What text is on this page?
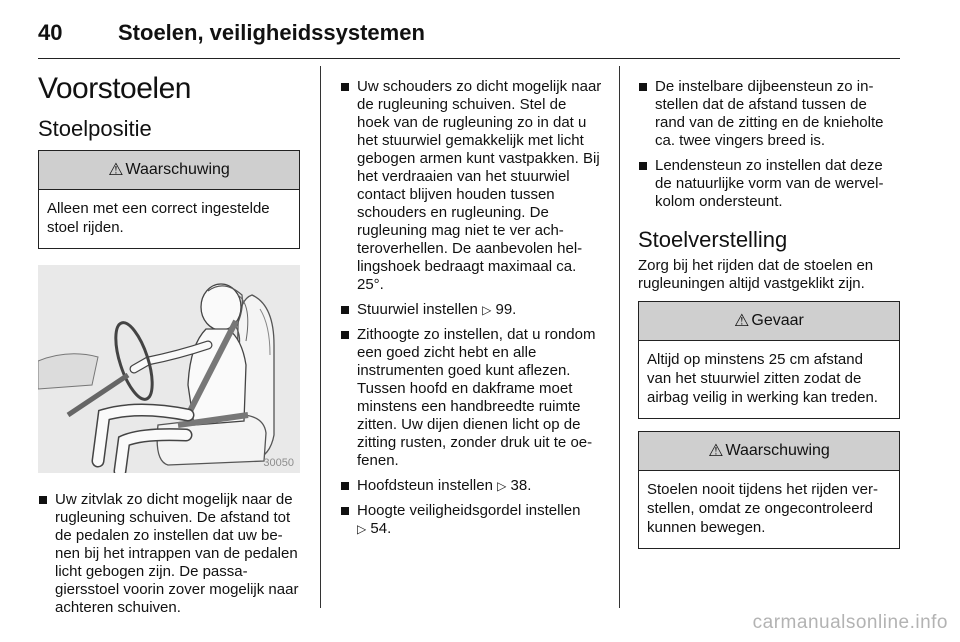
40	Stoelen, veiligheidssystemen
Voorstoelen
Stoelpositie
⚠ Waarschuwing
Alleen met een correct ingestelde stoel rijden.
30050
Uw zitvlak zo dicht mogelijk naar de rugleuning schuiven. De afstand tot de pedalen zo instellen dat uw benen bij het intrappen van de pedalen licht gebogen zijn. De passagiersstoel voorin zover mogelijk naar achteren schuiven.
Uw schouders zo dicht mogelijk naar de rugleuning schuiven. Stel de hoek van de rugleuning zo in dat u het stuurwiel gemakkelijk met licht gebogen armen kunt vastpakken. Bij het verdraaien van het stuurwiel contact blijven houden tussen schouders en rugleuning. De rugleuning mag niet te ver achteroverhellen. De aanbevolen hellingshoek bedraagt maximaal ca. 25°.
Stuurwiel instellen ▷ 99.
Zithoogte zo instellen, dat u rondom een goed zicht hebt en alle instrumenten goed kunt aflezen. Tussen hoofd en dakframe moet minstens een handbreedte ruimte zitten. Uw dijen dienen licht op de zitting rusten, zonder druk uit te oefenen.
Hoofdsteun instellen ▷ 38.
Hoogte veiligheidsgordel instellen
▷ 54.
De instelbare dijbeensteun zo instellen dat de afstand tussen de rand van de zitting en de knieholte ca. twee vingers breed is.
Lendensteun zo instellen dat deze de natuurlijke vorm van de wervelkolom ondersteunt.
Stoelverstelling

Zorg bij het rijden dat de stoelen en rugleuningen altijd vastgeklikt zijn.

⚠ Gevaar
Altijd op minstens 25 cm afstand van het stuurwiel zitten zodat de airbag veilig in werking kan treden.
⚠ Waarschuwing
Stoelen nooit tijdens het rijden verstellen, omdat ze ongecontroleerd kunnen bewegen.
carmanualsonline.info
